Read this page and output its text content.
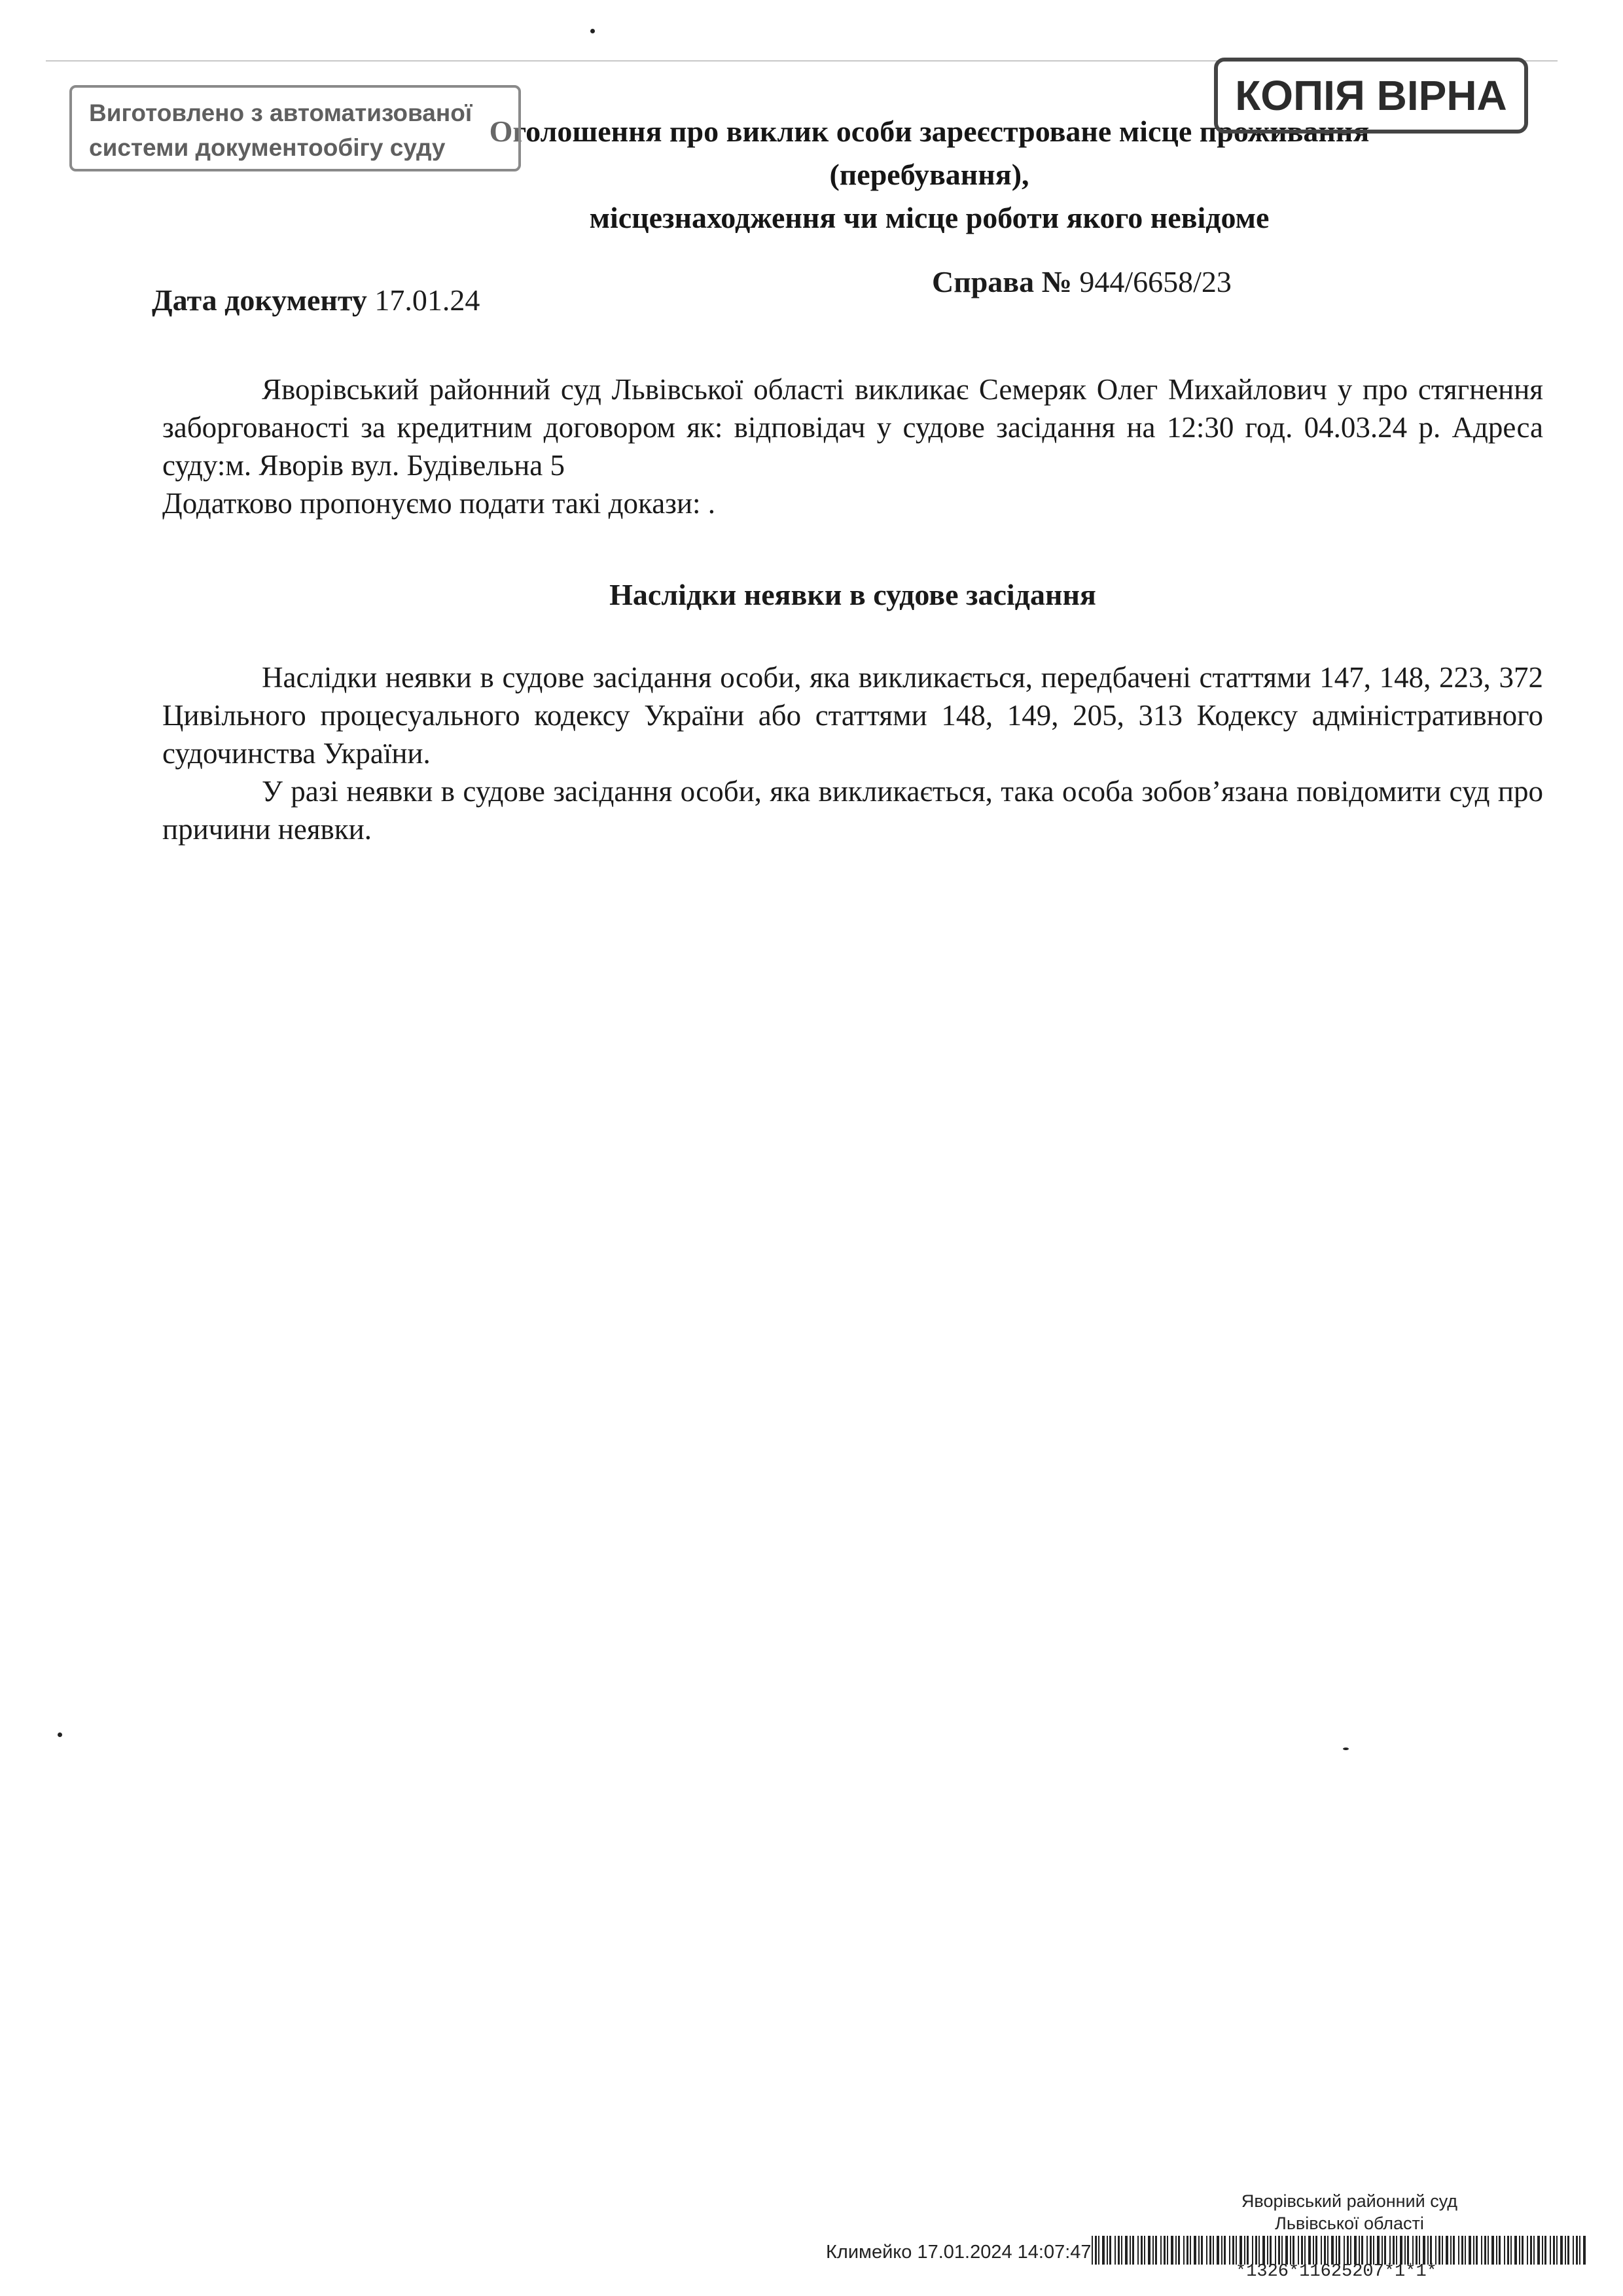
Оголошення про виклик особи зареєстроване місце проживання (перебування),
місцезнаходження чи місце роботи якого невідоме
Виготовлено з автоматизованої
системи документообігу суду
КОПІЯ ВІРНА
Дата документу 17.01.24
Справа № 944/6658/23

Яворівський районний суд Львівської області викликає Семеряк Олег Михайлович у про стягнення заборгованості за кредитним договором як: відповідач у судове засідання на 12:30 год. 04.03.24 р. Адреса суду:м. Яворів вул. Будівельна 5

Додатково пропонуємо подати такі докази: .

Наслідки неявки в судове засідання

Наслідки неявки в судове засідання особи, яка викликається, передбачені статтями 147, 148, 223, 372 Цивільного процесуального кодексу України або статтями 148, 149, 205, 313 Кодексу адміністративного судочинства України.

У разі неявки в судове засідання особи, яка викликається, така особа зобов’язана повідомити суд про причини неявки.

Яворівський районний суд
Львівської області
Климейко 17.01.2024 14:07:47
*1326*11625207*1*1*
